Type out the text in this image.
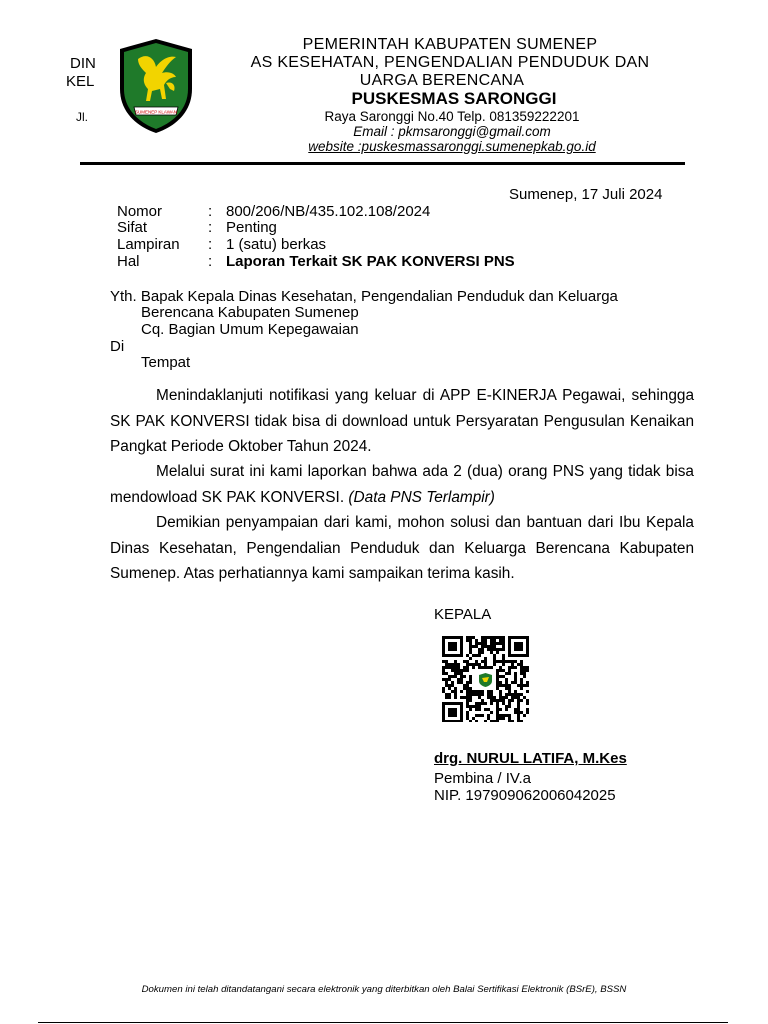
DIN
KEL
Jl.	SUMENEP KLAWAN
PEMERINTAH KABUPATEN SUMENEP
AS KESEHATAN, PENGENDALIAN PENDUDUK DAN
UARGA BERENCANA
PUSKESMAS SARONGGI
Raya Saronggi No.40 Telp. 081359222201
Email : pkmsaronggi@gmail.com
website :puskesmassaronggi.sumenepkab.go.id
Sumenep, 17 Juli 2024
Nomor	: 800/206/NB/435.102.108/2024
Sifat	: Penting
Lampiran : 1 (satu) berkas
Hal	: Laporan Terkait SK PAK KONVERSI PNS
Yth. Bapak Kepala Dinas Kesehatan, Pengendalian Penduduk dan Keluarga
Berencana Kabupaten Sumenep
Cq. Bagian Umum Kepegawaian
Di
Tempat
Menindaklanjuti notifikasi yang keluar di APP E-KINERJA Pegawai, sehingga SK PAK KONVERSI tidak bisa di download untuk Persyaratan Pengusulan Kenaikan Pangkat Periode Oktober Tahun 2024.
Melalui surat ini kami laporkan bahwa ada 2 (dua) orang PNS yang tidak bisa mendowload SK PAK KONVERSI. (Data PNS Terlampir)
Demikian penyampaian dari kami, mohon solusi dan bantuan dari Ibu Kepala Dinas Kesehatan, Pengendalian Penduduk dan Keluarga Berencana Kabupaten Sumenep. Atas perhatiannya kami sampaikan terima kasih.
KEPALA
drg. NURUL LATIFA, M.Kes
Pembina / IV.a
NIP. 197909062006042025
Dokumen ini telah ditandatangani secara elektronik yang diterbitkan oleh Balai Sertifikasi Elektronik (BSrE), BSSN
